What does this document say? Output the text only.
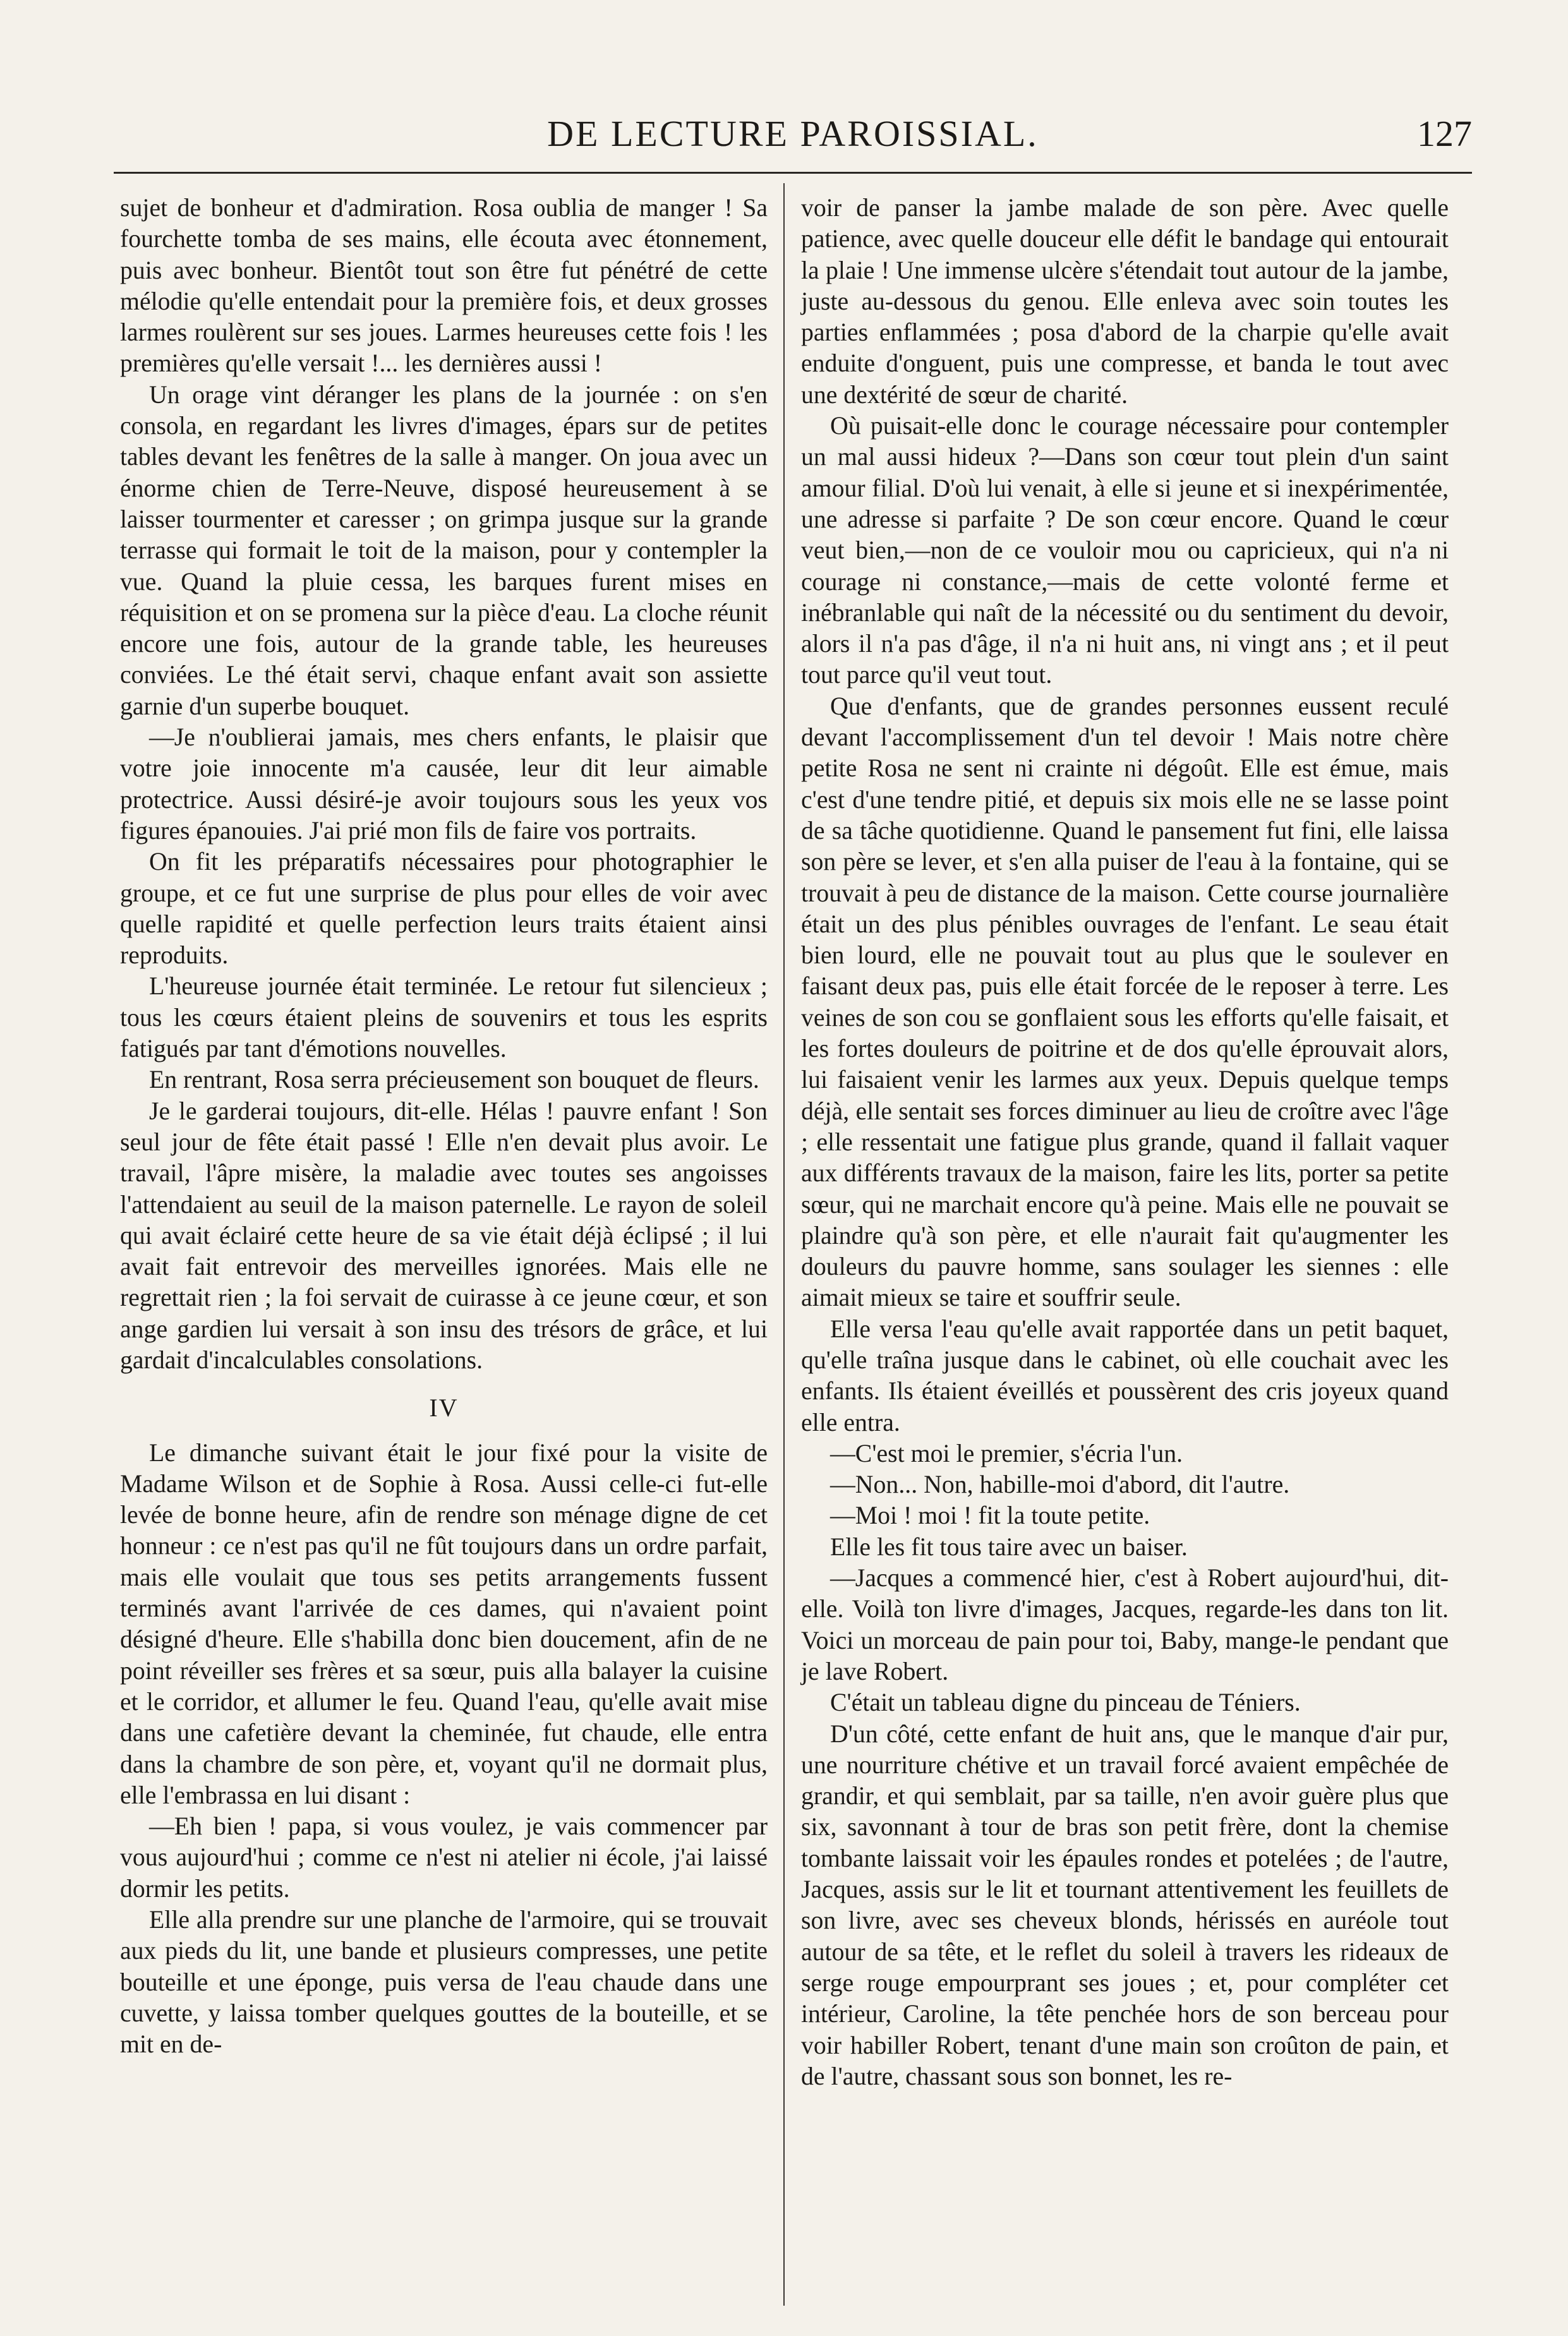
DE LECTURE PAROISSIAL.	127

sujet de bonheur et d'admiration. Rosa oublia de manger ! Sa fourchette tomba de ses mains, elle écouta avec étonnement, puis avec bonheur. Bientôt tout son être fut pénétré de cette mélodie qu'elle entendait pour la première fois, et deux grosses larmes roulèrent sur ses joues. Larmes heureuses cette fois ! les premières qu'elle versait !... les dernières aussi !

Un orage vint déranger les plans de la journée : on s'en consola, en regardant les livres d'images, épars sur de petites tables devant les fenêtres de la salle à manger. On joua avec un énorme chien de Terre-Neuve, disposé heureusement à se laisser tourmenter et caresser ; on grimpa jusque sur la grande terrasse qui formait le toit de la maison, pour y contempler la vue. Quand la pluie cessa, les barques furent mises en réquisition et on se promena sur la pièce d'eau. La cloche réunit encore une fois, autour de la grande table, les heureuses conviées. Le thé était servi, chaque enfant avait son assiette garnie d'un superbe bouquet.

—Je n'oublierai jamais, mes chers enfants, le plaisir que votre joie innocente m'a causée, leur dit leur aimable protectrice. Aussi désiré-je avoir toujours sous les yeux vos figures épanouies. J'ai prié mon fils de faire vos portraits.

On fit les préparatifs nécessaires pour photographier le groupe, et ce fut une surprise de plus pour elles de voir avec quelle rapidité et quelle perfection leurs traits étaient ainsi reproduits.

L'heureuse journée était terminée. Le retour fut silencieux ; tous les cœurs étaient pleins de souvenirs et tous les esprits fatigués par tant d'émotions nouvelles.

En rentrant, Rosa serra précieusement son bouquet de fleurs.

Je le garderai toujours, dit-elle. Hélas ! pauvre enfant ! Son seul jour de fête était passé ! Elle n'en devait plus avoir. Le travail, l'âpre misère, la maladie avec toutes ses angoisses l'attendaient au seuil de la maison paternelle. Le rayon de soleil qui avait éclairé cette heure de sa vie était déjà éclipsé ; il lui avait fait entrevoir des merveilles ignorées. Mais elle ne regrettait rien ; la foi servait de cuirasse à ce jeune cœur, et son ange gardien lui versait à son insu des trésors de grâce, et lui gardait d'incalculables consolations.

IV

Le dimanche suivant était le jour fixé pour la visite de Madame Wilson et de Sophie à Rosa. Aussi celle-ci fut-elle levée de bonne heure, afin de rendre son ménage digne de cet honneur : ce n'est pas qu'il ne fût toujours dans un ordre parfait, mais elle voulait que tous ses petits arrangements fussent terminés avant l'arrivée de ces dames, qui n'avaient point désigné d'heure. Elle s'habilla donc bien doucement, afin de ne point réveiller ses frères et sa sœur, puis alla balayer la cuisine et le corridor, et allumer le feu. Quand l'eau, qu'elle avait mise dans une cafetière devant la cheminée, fut chaude, elle entra dans la chambre de son père, et, voyant qu'il ne dormait plus, elle l'embrassa en lui disant :

—Eh bien ! papa, si vous voulez, je vais commencer par vous aujourd'hui ; comme ce n'est ni atelier ni école, j'ai laissé dormir les petits.

Elle alla prendre sur une planche de l'armoire, qui se trouvait aux pieds du lit, une bande et plusieurs compresses, une petite bouteille et une éponge, puis versa de l'eau chaude dans une cuvette, y laissa tomber quelques gouttes de la bouteille, et se mit en de-

voir de panser la jambe malade de son père. Avec quelle patience, avec quelle douceur elle défit le bandage qui entourait la plaie ! Une immense ulcère s'étendait tout autour de la jambe, juste au-dessous du genou. Elle enleva avec soin toutes les parties enflammées ; posa d'abord de la charpie qu'elle avait enduite d'onguent, puis une compresse, et banda le tout avec une dextérité de sœur de charité.

Où puisait-elle donc le courage nécessaire pour contempler un mal aussi hideux ?—Dans son cœur tout plein d'un saint amour filial. D'où lui venait, à elle si jeune et si inexpérimentée, une adresse si parfaite ? De son cœur encore. Quand le cœur veut bien,—non de ce vouloir mou ou capricieux, qui n'a ni courage ni constance,—mais de cette volonté ferme et inébranlable qui naît de la nécessité ou du sentiment du devoir, alors il n'a pas d'âge, il n'a ni huit ans, ni vingt ans ; et il peut tout parce qu'il veut tout.

Que d'enfants, que de grandes personnes eussent reculé devant l'accomplissement d'un tel devoir ! Mais notre chère petite Rosa ne sent ni crainte ni dégoût. Elle est émue, mais c'est d'une tendre pitié, et depuis six mois elle ne se lasse point de sa tâche quotidienne. Quand le pansement fut fini, elle laissa son père se lever, et s'en alla puiser de l'eau à la fontaine, qui se trouvait à peu de distance de la maison. Cette course journalière était un des plus pénibles ouvrages de l'enfant. Le seau était bien lourd, elle ne pouvait tout au plus que le soulever en faisant deux pas, puis elle était forcée de le reposer à terre. Les veines de son cou se gonflaient sous les efforts qu'elle faisait, et les fortes douleurs de poitrine et de dos qu'elle éprouvait alors, lui faisaient venir les larmes aux yeux. Depuis quelque temps déjà, elle sentait ses forces diminuer au lieu de croître avec l'âge ; elle ressentait une fatigue plus grande, quand il fallait vaquer aux différents travaux de la maison, faire les lits, porter sa petite sœur, qui ne marchait encore qu'à peine. Mais elle ne pouvait se plaindre qu'à son père, et elle n'aurait fait qu'augmenter les douleurs du pauvre homme, sans soulager les siennes : elle aimait mieux se taire et souffrir seule.

Elle versa l'eau qu'elle avait rapportée dans un petit baquet, qu'elle traîna jusque dans le cabinet, où elle couchait avec les enfants. Ils étaient éveillés et poussèrent des cris joyeux quand elle entra.

—C'est moi le premier, s'écria l'un.

—Non... Non, habille-moi d'abord, dit l'autre.

—Moi ! moi ! fit la toute petite.

Elle les fit tous taire avec un baiser.

—Jacques a commencé hier, c'est à Robert aujourd'hui, dit-elle. Voilà ton livre d'images, Jacques, regarde-les dans ton lit. Voici un morceau de pain pour toi, Baby, mange-le pendant que je lave Robert.

C'était un tableau digne du pinceau de Téniers.

D'un côté, cette enfant de huit ans, que le manque d'air pur, une nourriture chétive et un travail forcé avaient empêchée de grandir, et qui semblait, par sa taille, n'en avoir guère plus que six, savonnant à tour de bras son petit frère, dont la chemise tombante laissait voir les épaules rondes et potelées ; de l'autre, Jacques, assis sur le lit et tournant attentivement les feuillets de son livre, avec ses cheveux blonds, hérissés en auréole tout autour de sa tête, et le reflet du soleil à travers les rideaux de serge rouge empourprant ses joues ; et, pour compléter cet intérieur, Caroline, la tête penchée hors de son berceau pour voir habiller Robert, tenant d'une main son croûton de pain, et de l'autre, chassant sous son bonnet, les re-
